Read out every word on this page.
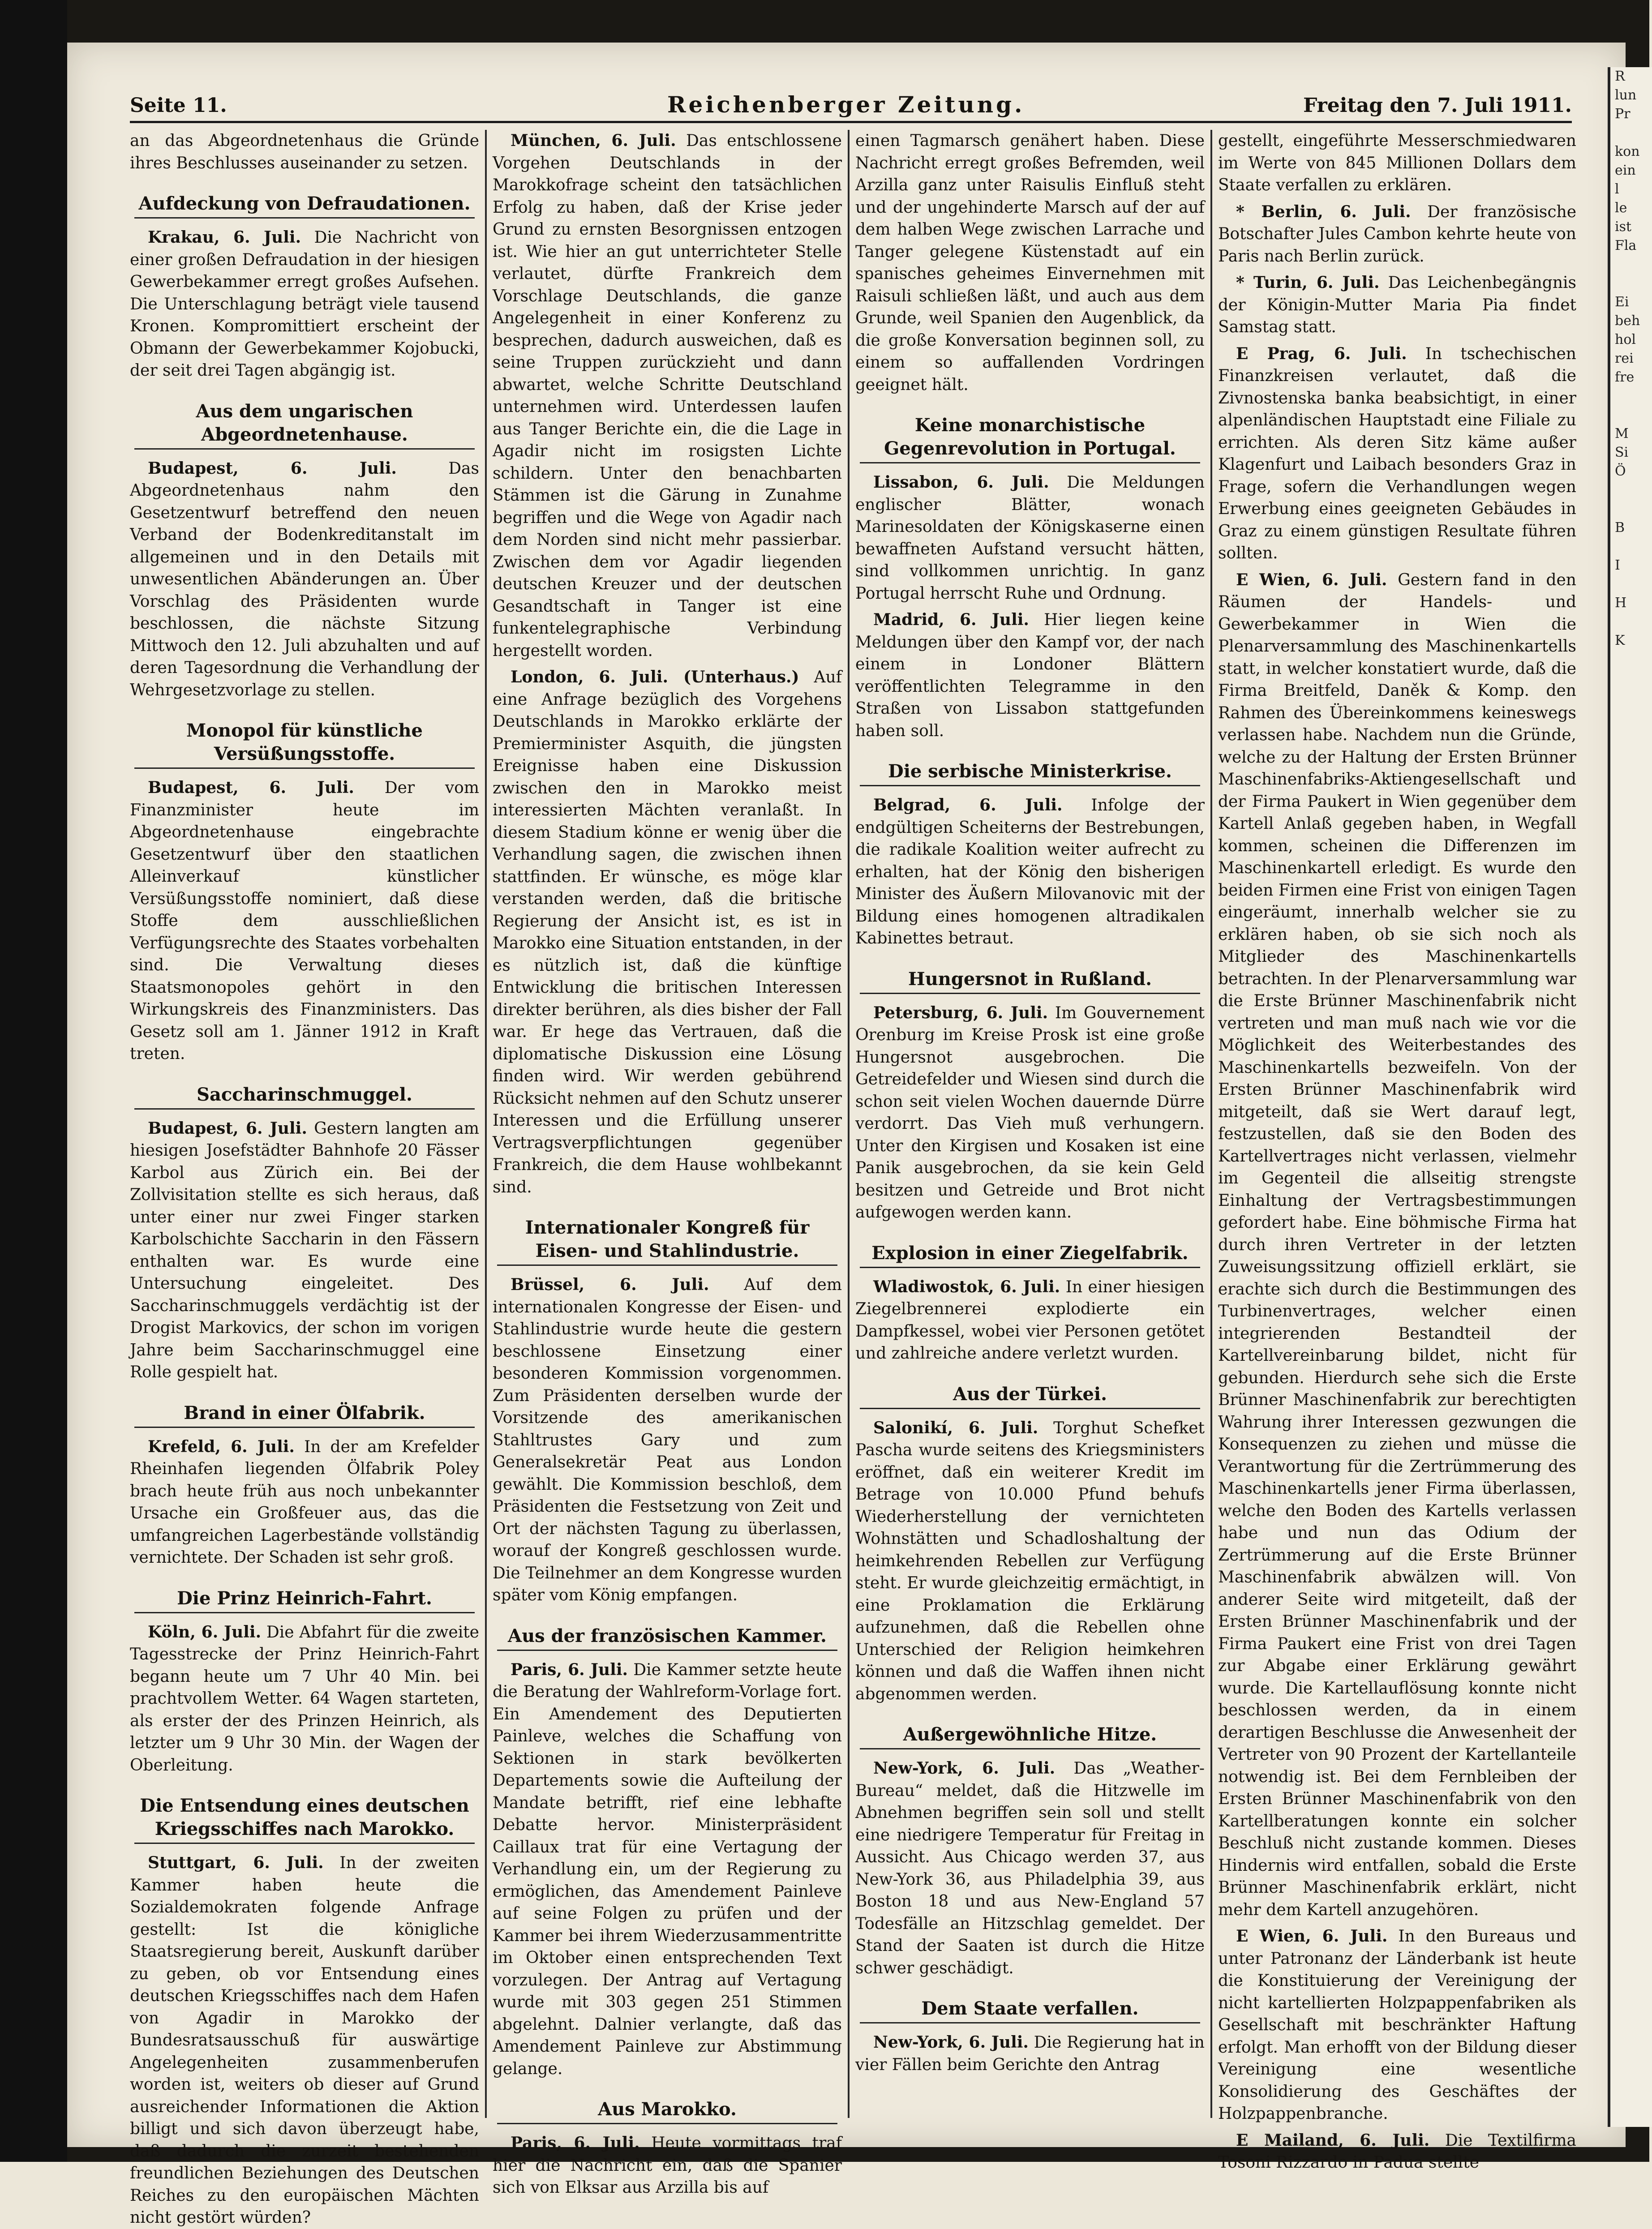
Seite 11.	Reichenberger Zeitung.	Freitag den 7. Juli 1911.

an das Abgeordnetenhaus die Gründe ihres Beschlusses auseinander zu setzen.

Aufdeckung von Defraudationen.

Krakau, 6. Juli. Die Nachricht von einer großen Defraudation in der hiesigen Gewerbekammer erregt großes Aufsehen. Die Unterschlagung beträgt viele tausend Kronen. Kompromittiert erscheint der Obmann der Gewerbekammer Kojobucki, der seit drei Tagen abgängig ist.

Aus dem ungarischen Abgeordnetenhause.

Budapest, 6. Juli.	Das Abgeordnetenhaus nahm den Gesetzentwurf betreffend den neuen Verband der Bodenkreditanstalt im allgemeinen und in den Details mit unwesentlichen Abänderungen an. Über Vorschlag des Präsidenten wurde beschlossen, die nächste Sitzung Mittwoch den 12. Juli abzuhalten und auf deren Tagesordnung die Verhandlung der Wehrgesetzvorlage zu stellen.

Monopol für künstliche Versüßungsstoffe.

Budapest, 6. Juli. Der vom Finanzminister heute im Abgeordnetenhause eingebrachte Gesetzentwurf über den staatlichen Alleinverkauf künstlicher Versüßungsstoffe nominiert, daß diese Stoffe dem ausschließlichen Verfügungsrechte des Staates vorbehalten sind. Die Verwaltung dieses Staatsmonopoles gehört in den Wirkungskreis des Finanzministers. Das Gesetz soll am 1. Jänner 1912 in Kraft treten.

Saccharinschmuggel.

Budapest, 6. Juli. Gestern langten am hiesigen Josefstädter Bahnhofe 20 Fässer Karbol aus Zürich ein. Bei der Zollvisitation stellte es sich heraus, daß unter einer nur zwei Finger starken Karbolschichte Saccharin in den Fässern enthalten war. Es wurde eine Untersuchung eingeleitet. Des Saccharinschmuggels verdächtig ist der Drogist Markovics, der schon im vorigen Jahre beim Saccharinschmuggel eine Rolle gespielt hat.

Brand in einer Ölfabrik.

Krefeld, 6. Juli. In der am Krefelder Rheinhafen liegenden Ölfabrik Poley brach heute früh aus noch unbekannter Ursache ein Großfeuer aus, das die umfangreichen Lagerbestände vollständig vernichtete. Der Schaden ist sehr groß.

Die Prinz Heinrich-Fahrt.

Köln, 6. Juli. Die Abfahrt für die zweite Tagesstrecke der Prinz Heinrich-Fahrt begann heute um 7 Uhr 40 Min. bei prachtvollem Wetter. 64 Wagen starteten, als erster der des Prinzen Heinrich, als letzter um 9 Uhr 30 Min. der Wagen der Oberleitung.

Die Entsendung eines deutschen Kriegsschiffes nach Marokko.

Stuttgart, 6. Juli. In der zweiten Kammer haben heute die Sozialdemokraten folgende Anfrage gestellt: Ist die königliche Staatsregierung bereit, Auskunft darüber zu geben, ob vor Entsendung eines deutschen Kriegsschiffes nach dem Hafen von Agadir in Marokko der Bundesratsausschuß für auswärtige Angelegenheiten zusammenberufen worden ist, weiters ob dieser auf Grund ausreichender Informationen die Aktion billigt und sich davon überzeugt habe, daß dadurch die zurzeit bestehenden freundlichen Beziehungen des Deutschen Reiches zu den europäischen Mächten nicht gestört würden?

München, 6. Juli. Das entschlossene Vorgehen Deutschlands in der Marokkofrage scheint den tatsächlichen Erfolg zu haben, daß der Krise jeder Grund zu ernsten Besorgnissen entzogen ist. Wie hier an gut unterrichteter Stelle verlautet, dürfte Frankreich dem Vorschlage Deutschlands, die ganze Angelegenheit in einer Konferenz zu besprechen, dadurch ausweichen, daß es seine Truppen zurückzieht und dann abwartet, welche Schritte Deutschland unternehmen wird. Unterdessen laufen aus Tanger Berichte ein, die die Lage in Agadir nicht im rosigsten Lichte schildern. Unter den benachbarten Stämmen ist die Gärung in Zunahme begriffen und die Wege von Agadir nach dem Norden sind nicht mehr passierbar. Zwischen dem vor Agadir liegenden deutschen Kreuzer und der deutschen Gesandtschaft in Tanger ist eine funkentelegraphische Verbindung hergestellt worden.

London, 6. Juli. (Unterhaus.) Auf eine Anfrage bezüglich des Vorgehens Deutschlands in Marokko erklärte der Premierminister Asquith, die jüngsten Ereignisse haben eine Diskussion zwischen den in Marokko meist interessierten Mächten veranlaßt. In diesem Stadium könne er wenig über die Verhandlung sagen, die zwischen ihnen stattfinden. Er wünsche, es möge klar verstanden werden, daß die britische Regierung der Ansicht ist, es ist in Marokko eine Situation entstanden, in der es nützlich ist, daß die künftige Entwicklung die britischen Interessen direkter berühren, als dies bisher der Fall war. Er hege das Vertrauen, daß die diplomatische Diskussion eine Lösung finden wird. Wir werden gebührend Rücksicht nehmen auf den Schutz unserer Interessen und die Erfüllung unserer Vertragsverpflichtungen gegenüber Frankreich, die dem Hause wohlbekannt sind.

Internationaler Kongreß für Eisen- und Stahlindustrie.

Brüssel, 6. Juli. Auf dem internationalen Kongresse der Eisen- und Stahlindustrie wurde heute die gestern beschlossene Einsetzung einer besonderen Kommission vorgenommen. Zum Präsidenten derselben wurde der Vorsitzende des amerikanischen Stahltrustes Gary und zum Generalsekretär Peat aus London gewählt. Die Kommission beschloß, dem Präsidenten die Festsetzung von Zeit und Ort der nächsten Tagung zu überlassen, worauf der Kongreß geschlossen wurde. Die Teilnehmer an dem Kongresse wurden später vom König empfangen.

Aus der französischen Kammer.

Paris, 6. Juli. Die Kammer setzte heute die Beratung der Wahlreform-Vorlage fort. Ein Amendement des Deputierten Painleve, welches die Schaffung von Sektionen in stark bevölkerten Departements sowie die Aufteilung der Mandate betrifft, rief eine lebhafte Debatte hervor. Ministerpräsident Caillaux trat für eine Vertagung der Verhandlung ein, um der Regierung zu ermöglichen, das Amendement Painleve auf seine Folgen zu prüfen und der Kammer bei ihrem Wiederzusammentritte im Oktober einen entsprechenden Text vorzulegen. Der Antrag auf Vertagung wurde mit 303 gegen 251 Stimmen abgelehnt. Dalnier verlangte, daß das Amendement Painleve zur Abstimmung gelange.

Aus Marokko.

Paris, 6. Juli. Heute vormittags traf hier die Nachricht ein, daß die Spanier sich von Elksar aus Arzilla bis auf

einen Tagmarsch genähert haben. Diese Nachricht erregt großes Befremden, weil Arzilla ganz unter Raisulis Einfluß steht und der ungehinderte Marsch auf der auf dem halben Wege zwischen Larrache und Tanger gelegene Küstenstadt auf ein spanisches geheimes Einvernehmen mit Raisuli schließen läßt, und auch aus dem Grunde, weil Spanien den Augenblick, da die große Konversation beginnen soll, zu einem so auffallenden Vordringen geeignet hält.

Keine monarchistische Gegenrevolution in Portugal.

Lissabon, 6. Juli. Die Meldungen englischer Blätter, wonach Marinesoldaten der Königskaserne einen bewaffneten Aufstand versucht hätten, sind vollkommen unrichtig. In ganz Portugal herrscht Ruhe und Ordnung.

Madrid, 6. Juli. Hier liegen keine Meldungen über den Kampf vor, der nach einem in Londoner Blättern veröffentlichten Telegramme in den Straßen von Lissabon stattgefunden haben soll.

Die serbische Ministerkrise.

Belgrad, 6. Juli. Infolge der endgültigen Scheiterns der Bestrebungen, die radikale Koalition weiter aufrecht zu erhalten, hat der König den bisherigen Minister des Äußern Milovanovic mit der Bildung eines homogenen altradikalen Kabinettes betraut.

Hungersnot in Rußland.

Petersburg, 6. Juli. Im Gouvernement Orenburg im Kreise Prosk ist eine große Hungersnot ausgebrochen. Die Getreidefelder und Wiesen sind durch die schon seit vielen Wochen dauernde Dürre verdorrt. Das Vieh muß verhungern. Unter den Kirgisen und Kosaken ist eine Panik ausgebrochen, da sie kein Geld besitzen und Getreide und Brot nicht aufgewogen werden kann.

Explosion in einer Ziegelfabrik.

Wladiwostok, 6. Juli. In einer hiesigen Ziegelbrennerei explodierte ein Dampfkessel, wobei vier Personen getötet und zahlreiche andere verletzt wurden.

Aus der Türkei.

Salonikí, 6. Juli. Torghut Schefket Pascha wurde seitens des Kriegsministers eröffnet, daß ein weiterer Kredit im Betrage von 10.000 Pfund behufs Wiederherstellung der vernichteten Wohnstätten und Schadloshaltung der heimkehrenden Rebellen zur Verfügung steht. Er wurde gleichzeitig ermächtigt, in eine Proklamation die Erklärung aufzunehmen, daß die Rebellen ohne Unterschied der Religion heimkehren können und daß die Waffen ihnen nicht abgenommen werden.

Außergewöhnliche Hitze.

New-York, 6. Juli. Das „Weather-Bureau“ meldet, daß die Hitzwelle im Abnehmen begriffen sein soll und stellt eine niedrigere Temperatur für Freitag in Aussicht. Aus Chicago werden 37, aus New-York 36, aus Philadelphia 39, aus Boston 18 und aus New-England 57 Todesfälle an Hitzschlag gemeldet. Der Stand der Saaten ist durch die Hitze schwer geschädigt.

Dem Staate verfallen.

New-York, 6. Juli. Die Regierung hat in vier Fällen beim Gerichte den Antrag

gestellt, eingeführte Messerschmiedwaren im Werte von 845 Millionen Dollars dem Staate verfallen zu erklären.

* Berlin, 6. Juli. Der französische Botschafter Jules Cambon kehrte heute von Paris nach Berlin zurück.

* Turin, 6. Juli. Das Leichenbegängnis der Königin-Mutter Maria Pia findet Samstag statt.

E Prag, 6. Juli. In tschechischen Finanzkreisen verlautet, daß die Zivnostenska banka beabsichtigt, in einer alpenländischen Hauptstadt eine Filiale zu errichten. Als deren Sitz käme außer Klagenfurt und Laibach besonders Graz in Frage, sofern die Verhandlungen wegen Erwerbung eines geeigneten Gebäudes in Graz zu einem günstigen Resultate führen sollten.

E Wien, 6. Juli. Gestern fand in den Räumen der Handels- und Gewerbekammer in Wien die Plenarversammlung des Maschinenkartells statt, in welcher konstatiert wurde, daß die Firma Breitfeld, Daněk & Komp. den Rahmen des Übereinkommens keineswegs verlassen habe. Nachdem nun die Gründe, welche zu der Haltung der Ersten Brünner Maschinenfabriks-Aktiengesellschaft und der Firma Paukert in Wien gegenüber dem Kartell Anlaß gegeben haben, in Wegfall kommen, scheinen die Differenzen im Maschinenkartell erledigt. Es wurde den beiden Firmen eine Frist von einigen Tagen eingeräumt, innerhalb welcher sie zu erklären haben, ob sie sich noch als Mitglieder des Maschinenkartells betrachten. In der Plenarversammlung war die Erste Brünner Maschinenfabrik nicht vertreten und man muß nach wie vor die Möglichkeit des Weiterbestandes des Maschinenkartells bezweifeln. Von der Ersten Brünner Maschinenfabrik wird mitgeteilt, daß sie Wert darauf legt, festzustellen, daß sie den Boden des Kartellvertrages nicht verlassen, vielmehr im Gegenteil die allseitig strengste Einhaltung der Vertragsbestimmungen gefordert habe. Eine böhmische Firma hat durch ihren Vertreter in der letzten Zuweisungssitzung offiziell erklärt, sie erachte sich durch die Bestimmungen des Turbinenvertrages, welcher einen integrierenden Bestandteil der Kartellvereinbarung bildet, nicht für gebunden. Hierdurch sehe sich die Erste Brünner Maschinenfabrik zur berechtigten Wahrung ihrer Interessen gezwungen die Konsequenzen zu ziehen und müsse die Verantwortung für die Zertrümmerung des Maschinenkartells jener Firma überlassen, welche den Boden des Kartells verlassen habe und nun das Odium der Zertrümmerung auf die Erste Brünner Maschinenfabrik abwälzen will. Von anderer Seite wird mitgeteilt, daß der Ersten Brünner Maschinenfabrik und der Firma Paukert eine Frist von drei Tagen zur Abgabe einer Erklärung gewährt wurde. Die Kartellauflösung konnte nicht beschlossen werden, da in einem derartigen Beschlusse die Anwesenheit der Vertreter von 90 Prozent der Kartellanteile notwendig ist. Bei dem Fernbleiben der Ersten Brünner Maschinenfabrik von den Kartellberatungen konnte ein solcher Beschluß nicht zustande kommen. Dieses Hindernis wird entfallen, sobald die Erste Brünner Maschinenfabrik erklärt, nicht mehr dem Kartell anzugehören.

E Wien, 6. Juli. In den Bureaus und unter Patronanz der Länderbank ist heute die Konstituierung der Vereinigung der nicht kartellierten Holzpappenfabriken als Gesellschaft mit beschränkter Haftung erfolgt. Man erhofft von der Bildung dieser Vereinigung eine wesentliche Konsolidierung des Geschäftes der Holzpappenbranche.

E Mailand, 6. Juli. Die Textilfirma Tosoni Rizzardo in Padua stellte

R
lun
Pr

kon
ein
l
le
ist
Fla

Ei
beh
hol
rei
fre

M
Si
Ö

B

I

H

K
